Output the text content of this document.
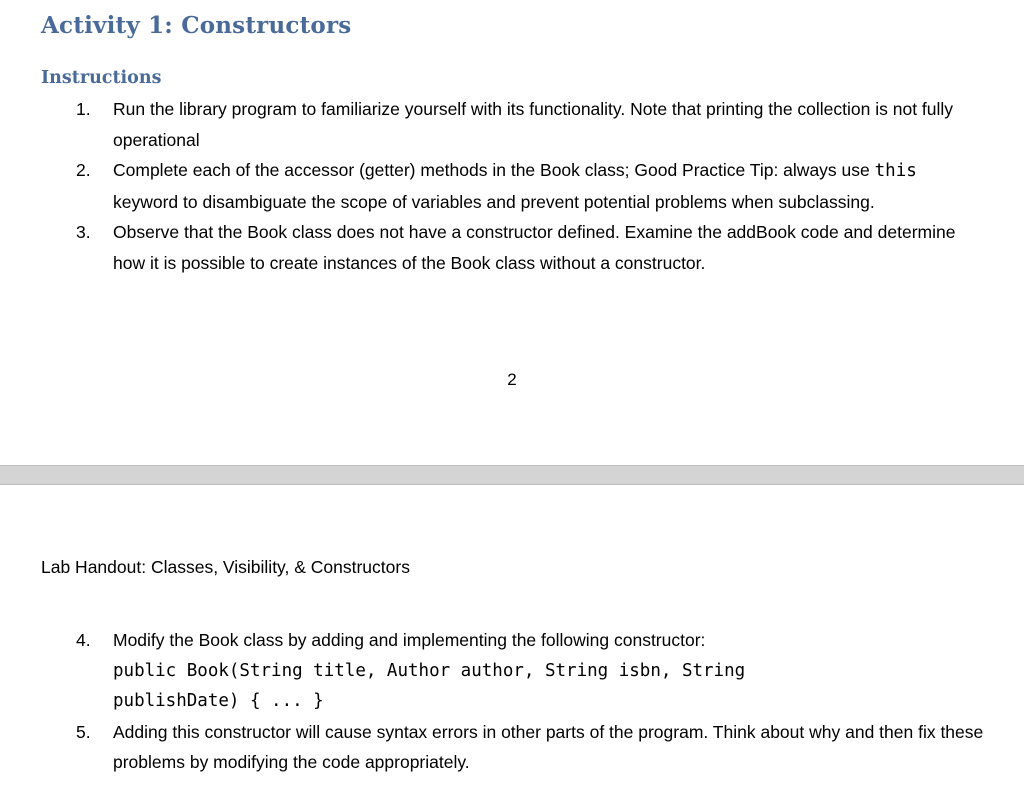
Activity 1: Constructors
Instructions
1.	Run the library program to familiarize yourself with its functionality. Note that printing the collection is not fully operational
2.	Complete each of the accessor (getter) methods in the Book class; Good Practice Tip: always use this keyword to disambiguate the scope of variables and prevent potential problems when subclassing.
3.	Observe that the Book class does not have a constructor defined. Examine the addBook code and determine how it is possible to create instances of the Book class without a constructor.
2
Lab Handout: Classes, Visibility, & Constructors
4.	Modify the Book class by adding and implementing the following constructor:
public Book(String title, Author author, String isbn, String
publishDate) { ... }
5.	Adding this constructor will cause syntax errors in other parts of the program. Think about why and then fix these problems by modifying the code appropriately.
